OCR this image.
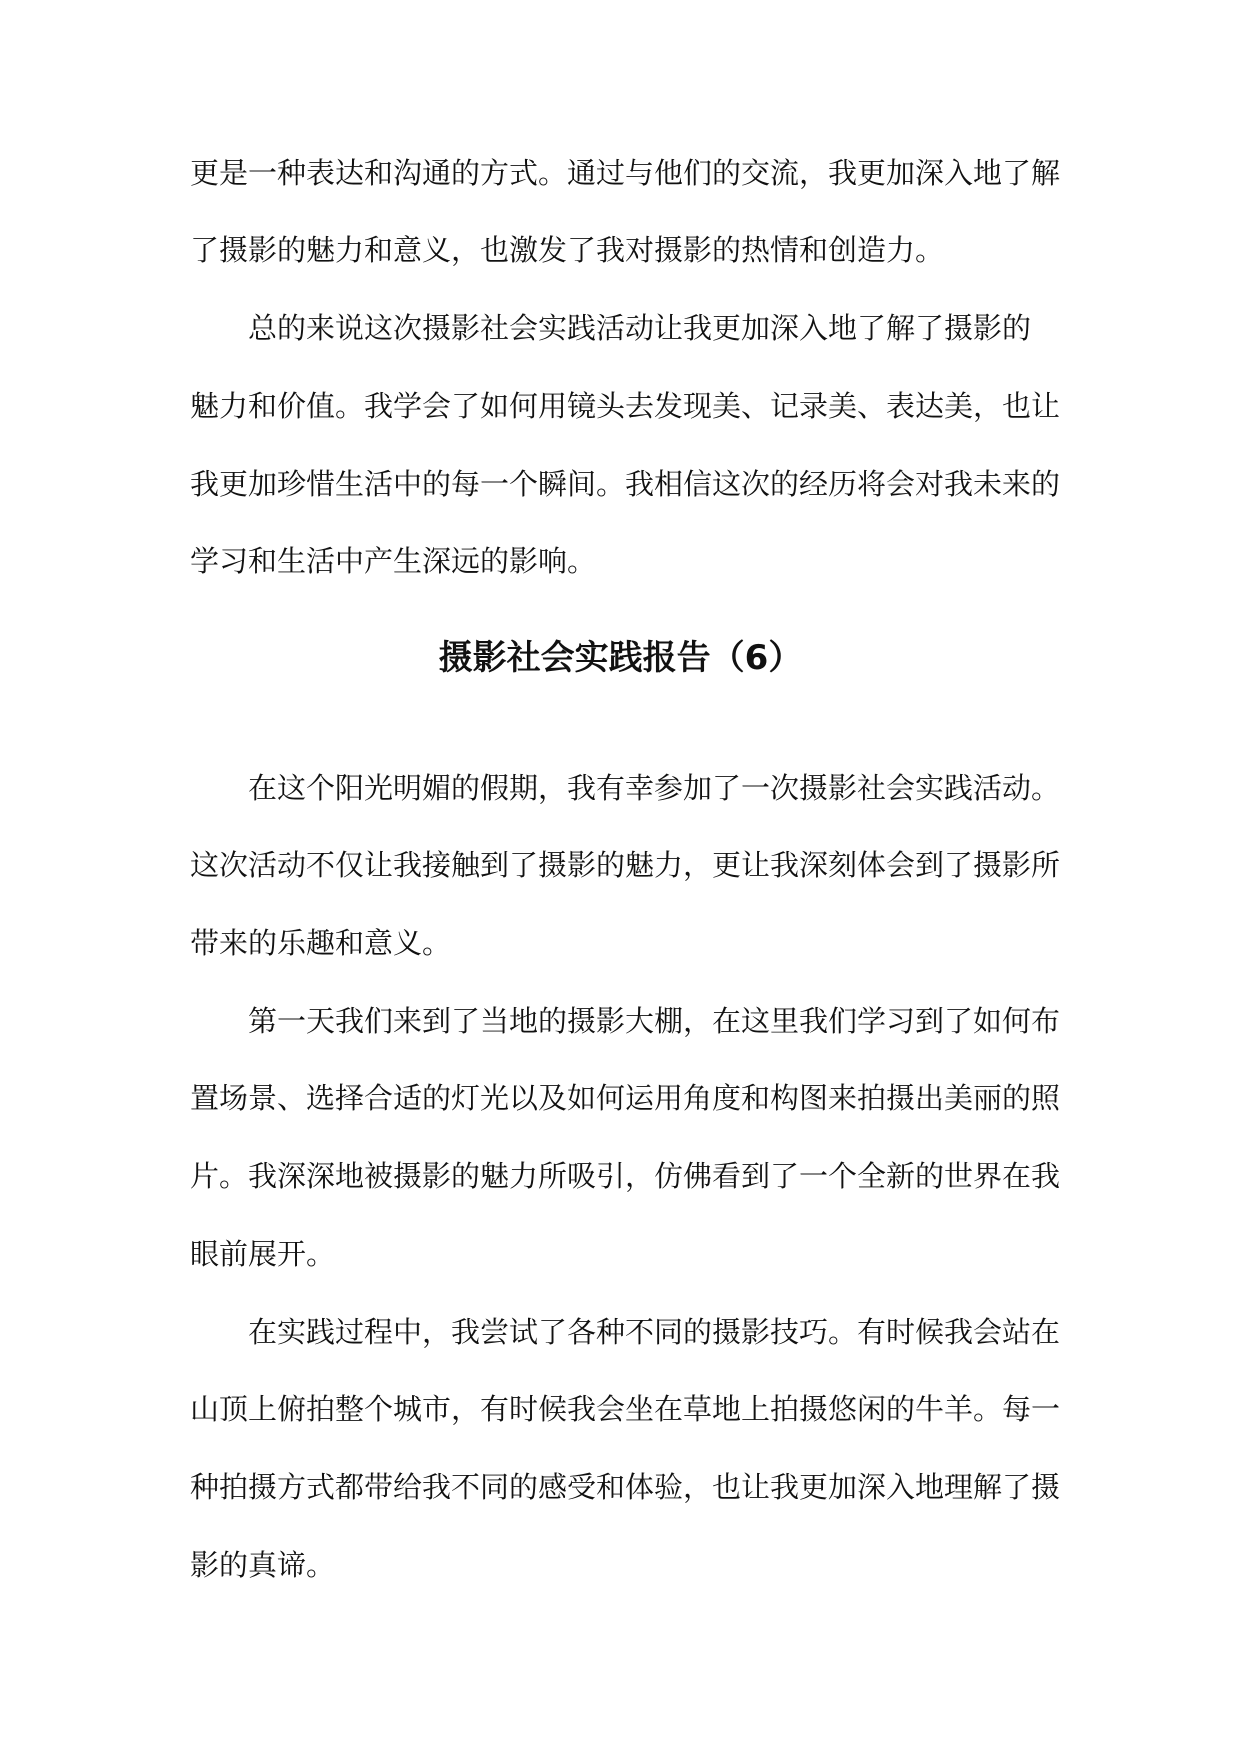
更是一种表达和沟通的方式。通过与他们的交流，我更加深入地了解
了摄影的魅力和意义，也激发了我对摄影的热情和创造力。
总的来说这次摄影社会实践活动让我更加深入地了解了摄影的
魅力和价值。我学会了如何用镜头去发现美、记录美、表达美，也让
我更加珍惜生活中的每一个瞬间。我相信这次的经历将会对我未来的
学习和生活中产生深远的影响。
摄影社会实践报告（6）
在这个阳光明媚的假期，我有幸参加了一次摄影社会实践活动。
这次活动不仅让我接触到了摄影的魅力，更让我深刻体会到了摄影所
带来的乐趣和意义。
第一天我们来到了当地的摄影大棚，在这里我们学习到了如何布
置场景、选择合适的灯光以及如何运用角度和构图来拍摄出美丽的照
片。我深深地被摄影的魅力所吸引，仿佛看到了一个全新的世界在我
眼前展开。
在实践过程中，我尝试了各种不同的摄影技巧。有时候我会站在
山顶上俯拍整个城市，有时候我会坐在草地上拍摄悠闲的牛羊。每一
种拍摄方式都带给我不同的感受和体验，也让我更加深入地理解了摄
影的真谛。
